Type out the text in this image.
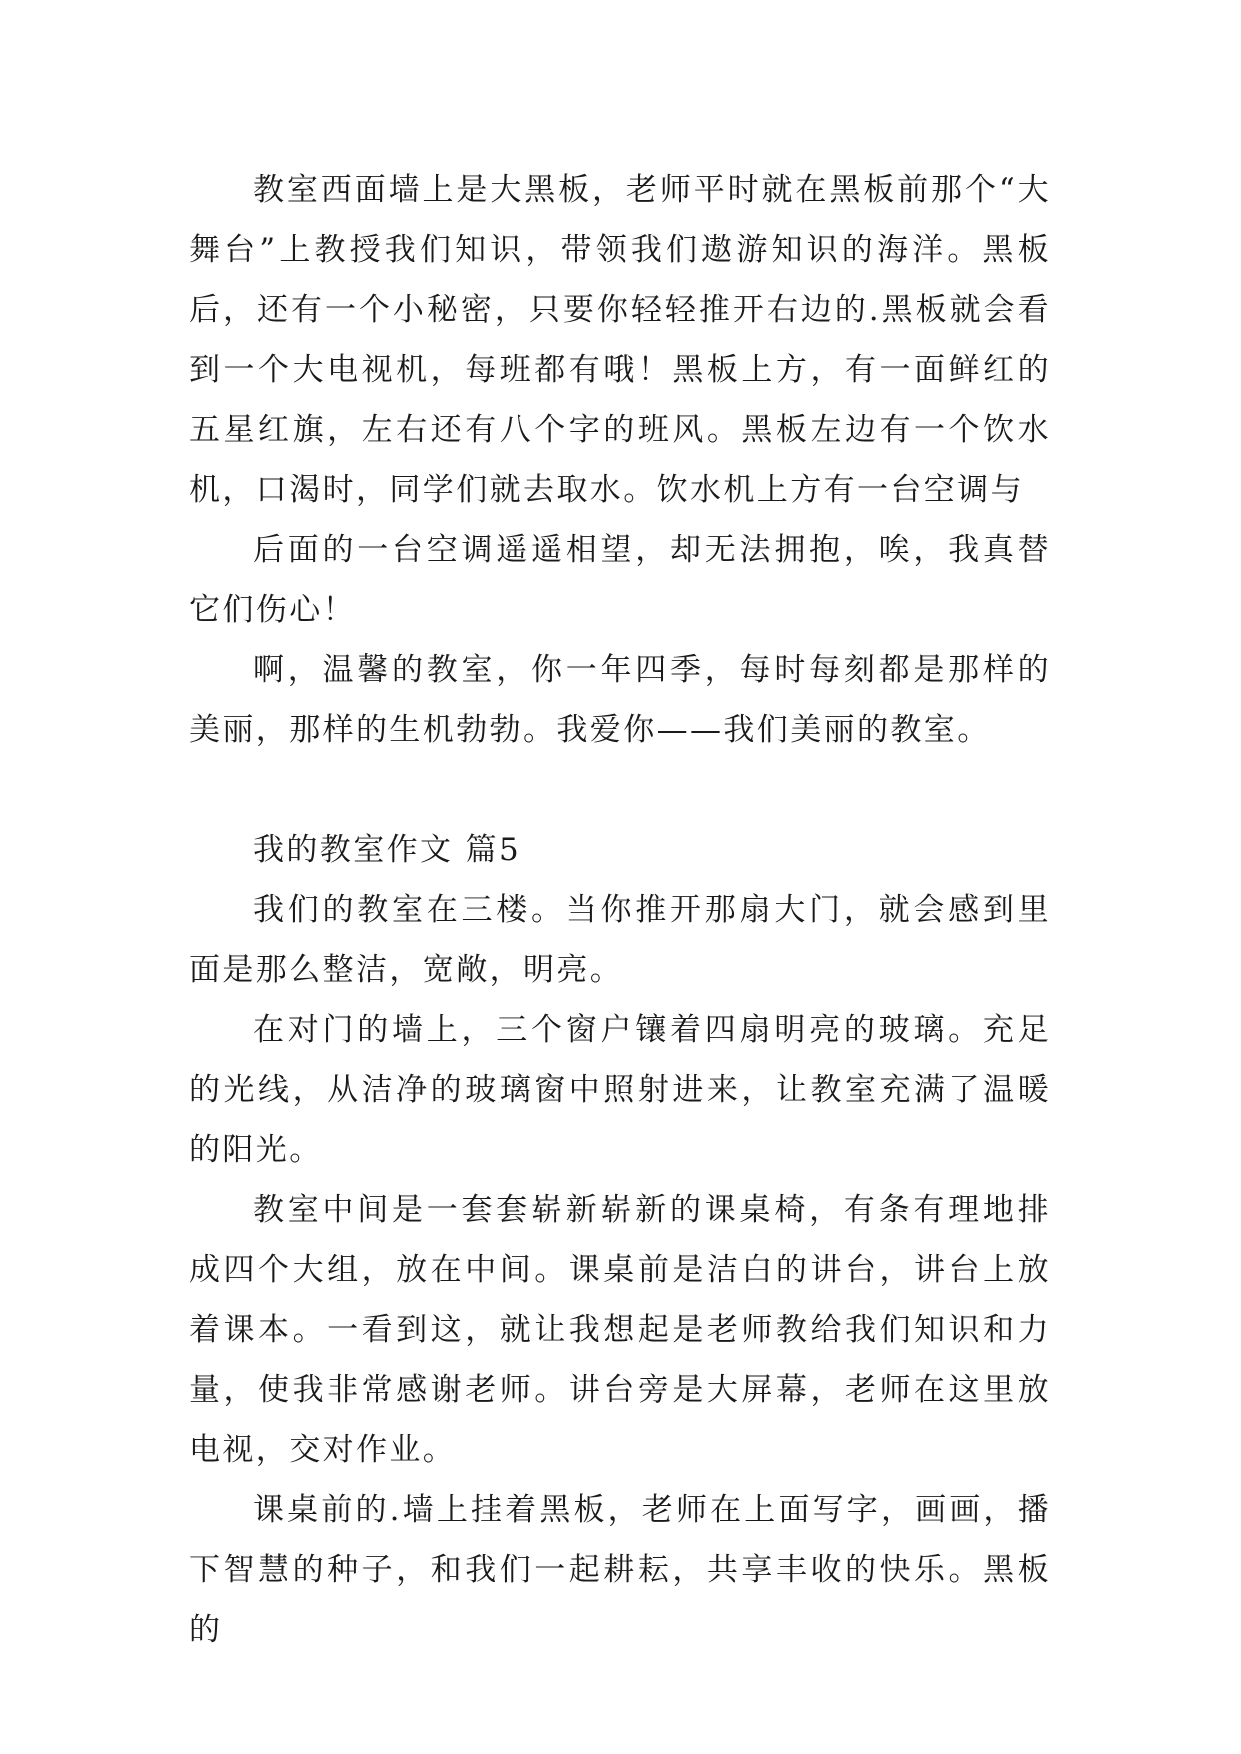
教室西面墙上是大黑板，老师平时就在黑板前那个“大舞台”上教授我们知识，带领我们遨游知识的海洋。黑板后，还有一个小秘密，只要你轻轻推开右边的.黑板就会看到一个大电视机，每班都有哦！黑板上方，有一面鲜红的五星红旗，左右还有八个字的班风。黑板左边有一个饮水机，口渴时，同学们就去取水。饮水机上方有一台空调与

后面的一台空调遥遥相望，却无法拥抱，唉，我真替它们伤心！

啊，温馨的教室，你一年四季，每时每刻都是那样的美丽，那样的生机勃勃。我爱你——我们美丽的教室。

我的教室作文 篇5

我们的教室在三楼。当你推开那扇大门，就会感到里面是那么整洁，宽敞，明亮。

在对门的墙上，三个窗户镶着四扇明亮的玻璃。充足的光线，从洁净的玻璃窗中照射进来，让教室充满了温暖的阳光。

教室中间是一套套崭新崭新的课桌椅，有条有理地排成四个大组，放在中间。课桌前是洁白的讲台，讲台上放着课本。一看到这，就让我想起是老师教给我们知识和力量，使我非常感谢老师。讲台旁是大屏幕，老师在这里放电视，交对作业。

课桌前的.墙上挂着黑板，老师在上面写字，画画，播下智慧的种子，和我们一起耕耘，共享丰收的快乐。黑板的
